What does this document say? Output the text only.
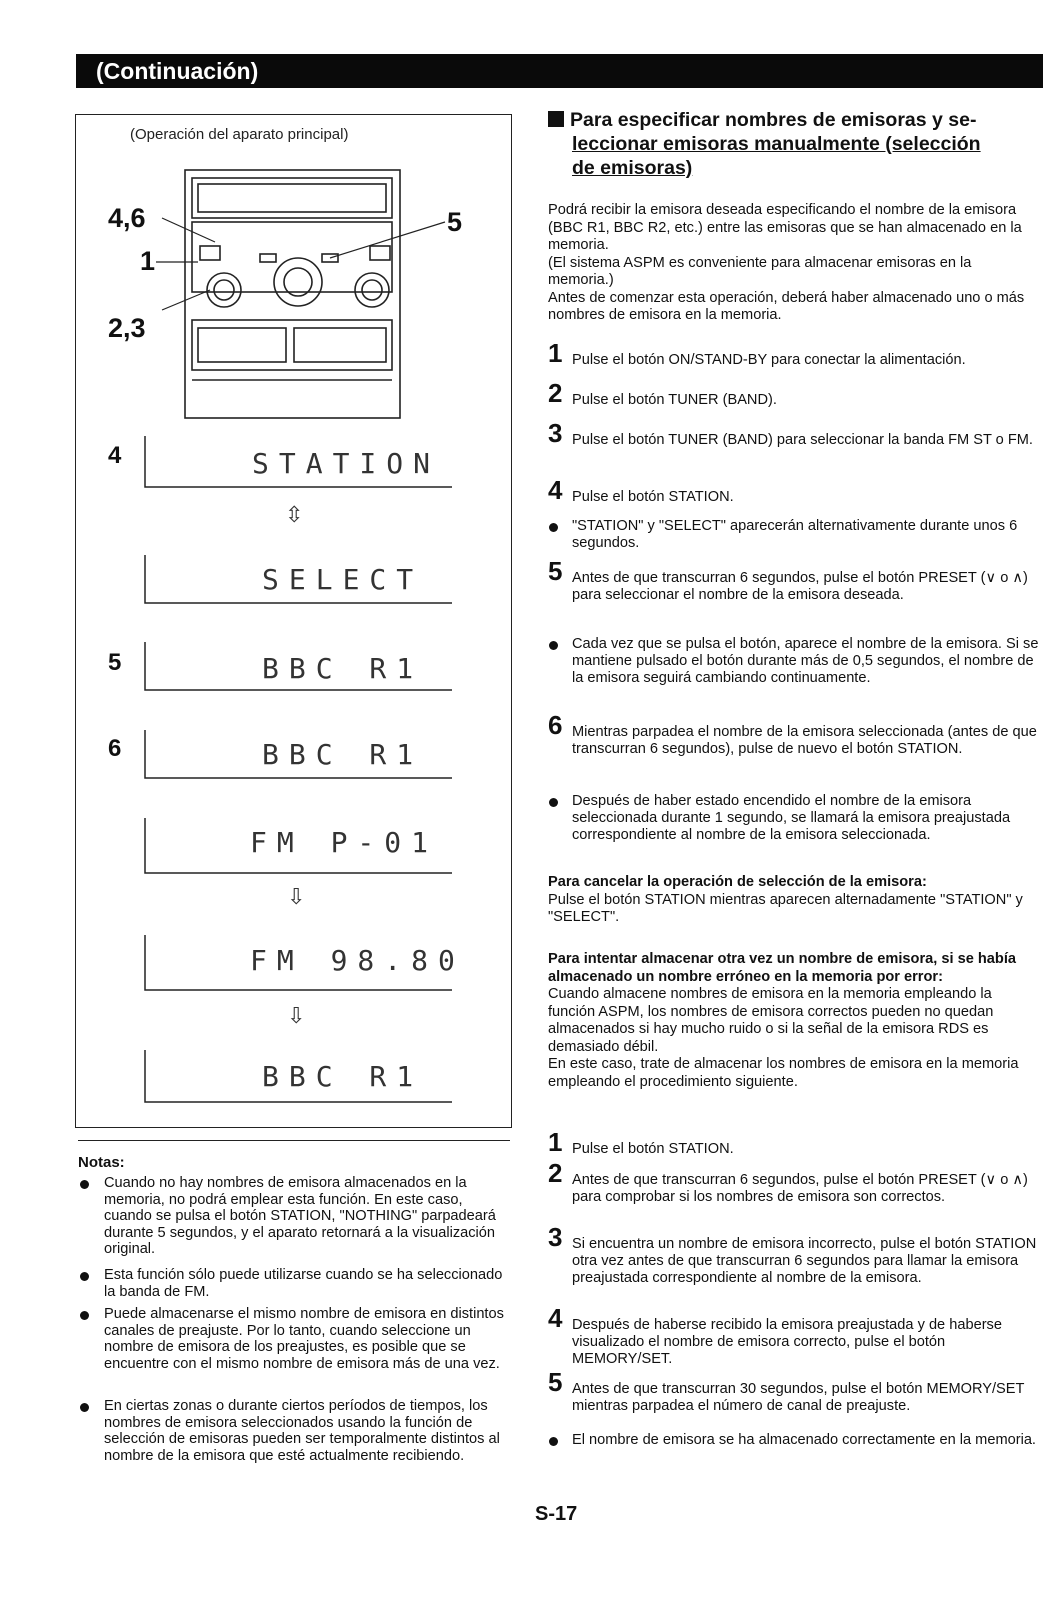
(Continuación)
(Operación del aparato principal)
4,6
1
2,3
5
4
5
6
STATION
⇳
SELECT
BBC R1
BBC R1
FM P-01
⇩
FM 98.80
⇩
BBC R1
Para especificar nombres de emisoras y se-
leccionar emisoras manualmente (selección
de emisoras)

Podrá recibir la emisora deseada especificando el nombre de la emisora (BBC R1, BBC R2, etc.) entre las emisoras que se han almacenado en la memoria.

(El sistema ASPM es conveniente para almacenar emisoras en la memoria.)

Antes de comenzar esta operación, deberá haber almacenado uno o más nombres de emisora en la memoria.

1 Pulse el botón ON/STAND-BY para conectar la alimentación.
2 Pulse el botón TUNER (BAND).
3 Pulse el botón TUNER (BAND) para seleccionar la banda FM ST o FM.
4 Pulse el botón STATION.
"STATION" y "SELECT" aparecerán alternativamente durante unos 6 segundos.
5 Antes de que transcurran 6 segundos, pulse el botón PRESET (∨ o ∧) para seleccionar el nombre de la emisora deseada.
Cada vez que se pulsa el botón, aparece el nombre de la emisora. Si se mantiene pulsado el botón durante más de 0,5 segundos, el nombre de la emisora seguirá cambiando continuamente.
6 Mientras parpadea el nombre de la emisora seleccionada (antes de que transcurran 6 segundos), pulse de nuevo el botón STATION.
Después de haber estado encendido el nombre de la emisora seleccionada durante 1 segundo, se llamará la emisora preajustada correspondiente al nombre de la emisora seleccionada.

Para cancelar la operación de selección de la emisora:

Pulse el botón STATION mientras aparecen alternadamente "STATION" y "SELECT".

Para intentar almacenar otra vez un nombre de emisora, si se había almacenado un nombre erróneo en la memoria por error:

Cuando almacene nombres de emisora en la memoria empleando la función ASPM, los nombres de emisora correctos pueden no quedan almacenados si hay mucho ruido o si la señal de la emisora RDS es demasiado débil.

En este caso, trate de almacenar los nombres de emisora en la memoria empleando el procedimiento siguiente.

1 Pulse el botón STATION.
2 Antes de que transcurran 6 segundos, pulse el botón PRESET (∨ o ∧) para comprobar si los nombres de emisora son correctos.
3 Si encuentra un nombre de emisora incorrecto, pulse el botón STATION otra vez antes de que transcurran 6 segundos para llamar la emisora preajustada correspondiente al nombre de la emisora.
4 Después de haberse recibido la emisora preajustada y de haberse visualizado el nombre de emisora correcto, pulse el botón MEMORY/SET.
5 Antes de que transcurran 30 segundos, pulse el botón MEMORY/SET mientras parpadea el número de canal de preajuste.
El nombre de emisora se ha almacenado correctamente en la memoria.
Notas:
Cuando no hay nombres de emisora almacenados en la memoria, no podrá emplear esta función. En este caso, cuando se pulsa el botón STATION, "NOTHING" parpadeará durante 5 segundos, y el aparato retornará a la visualización original.
Esta función sólo puede utilizarse cuando se ha seleccionado la banda de FM.
Puede almacenarse el mismo nombre de emisora en distintos canales de preajuste. Por lo tanto, cuando seleccione un nombre de emisora de los preajustes, es posible que se encuentre con el mismo nombre de emisora más de una vez.
En ciertas zonas o durante ciertos períodos de tiempos, los nombres de emisora seleccionados usando la función de selección de emisoras pueden ser temporalmente distintos al nombre de la emisora que esté actualmente recibiendo.
S-17
